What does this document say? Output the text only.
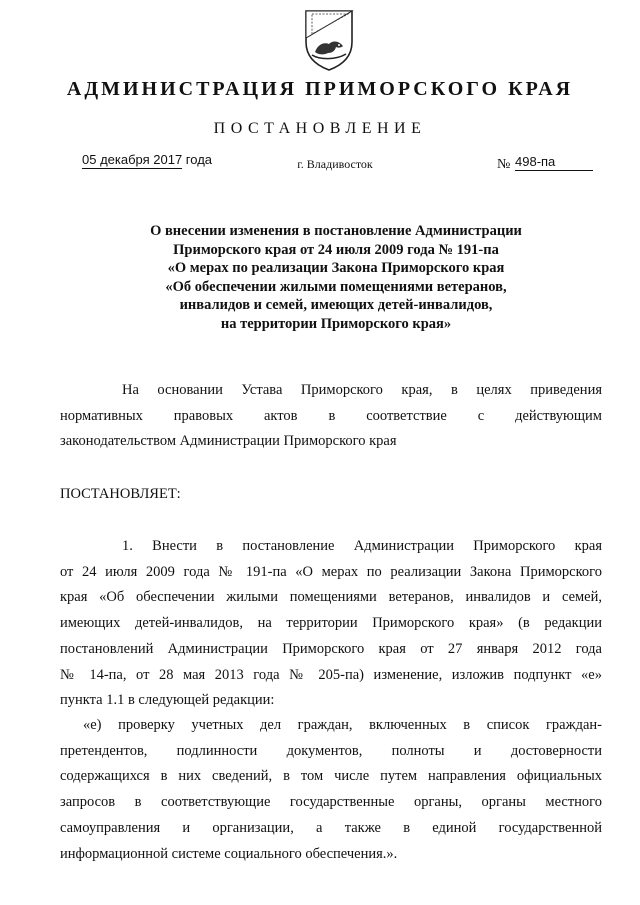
АДМИНИСТРАЦИЯ ПРИМОРСКОГО КРАЯ
ПОСТАНОВЛЕНИЕ
05 декабря 2017 года	г. Владивосток	№ 498-па
О внесении изменения в постановление Администрации
Приморского края от 24 июля 2009 года № 191-па
«О мерах по реализации Закона Приморского края
«Об обеспечении жилыми помещениями ветеранов,
инвалидов и семей, имеющих детей-инвалидов,
на территории Приморского края»
На основании Устава Приморского края, в целях приведения
нормативных правовых актов в соответствие с действующим
законодательством Администрации Приморского края
ПОСТАНОВЛЯЕТ:
1. Внести в постановление Администрации Приморского края
от 24 июля 2009 года № 191-па «О мерах по реализации Закона Приморского
края «Об обеспечении жилыми помещениями ветеранов, инвалидов и семей,
имеющих детей-инвалидов, на территории Приморского края» (в редакции
постановлений Администрации Приморского края от 27 января 2012 года
№ 14-па, от 28 мая 2013 года № 205-па) изменение, изложив подпункт «е»
пункта 1.1 в следующей редакции:
«е) проверку учетных дел граждан, включенных в список граждан-
претендентов, подлинности документов, полноты и достоверности
содержащихся в них сведений, в том числе путем направления официальных
запросов в соответствующие государственные органы, органы местного
самоуправления и организации, а также в единой государственной
информационной системе социального обеспечения.».
